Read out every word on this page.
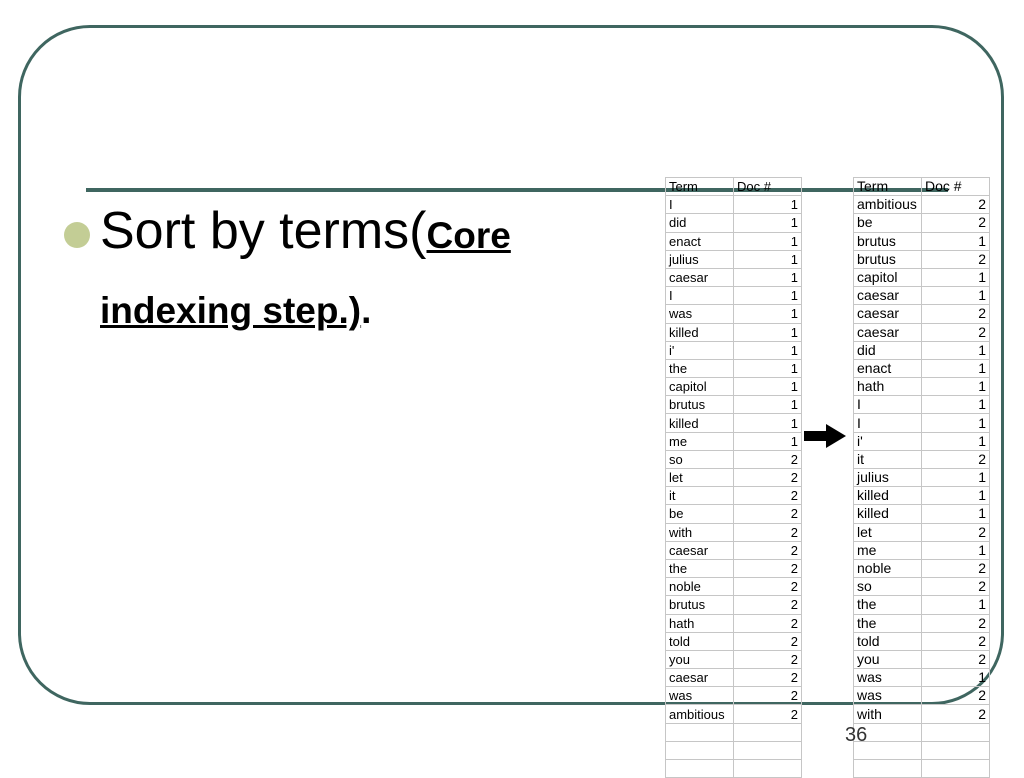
Sort by terms(Core
indexing step.).
Term	Doc #
I	1
did	1
enact	1
julius	1
caesar	1
I	1
was	1
killed	1
i'	1
the	1
capitol	1
brutus	1
killed	1
me	1
so	2
let	2
it	2
be	2
with	2
caesar	2
the	2
noble	2
brutus	2
hath	2
told	2
you	2
caesar	2
was	2
ambitious	2

Term	Doc #
ambitious	2
be	2
brutus	1
brutus	2
capitol	1
caesar	1
caesar	2
caesar	2
did	1
enact	1
hath	1
I	1
I	1
i'	1
it	2
julius	1
killed	1
killed	1
let	2
me	1
noble	2
so	2
the	1
the	2
told	2
you	2
was	1
was	2
with	2

36
